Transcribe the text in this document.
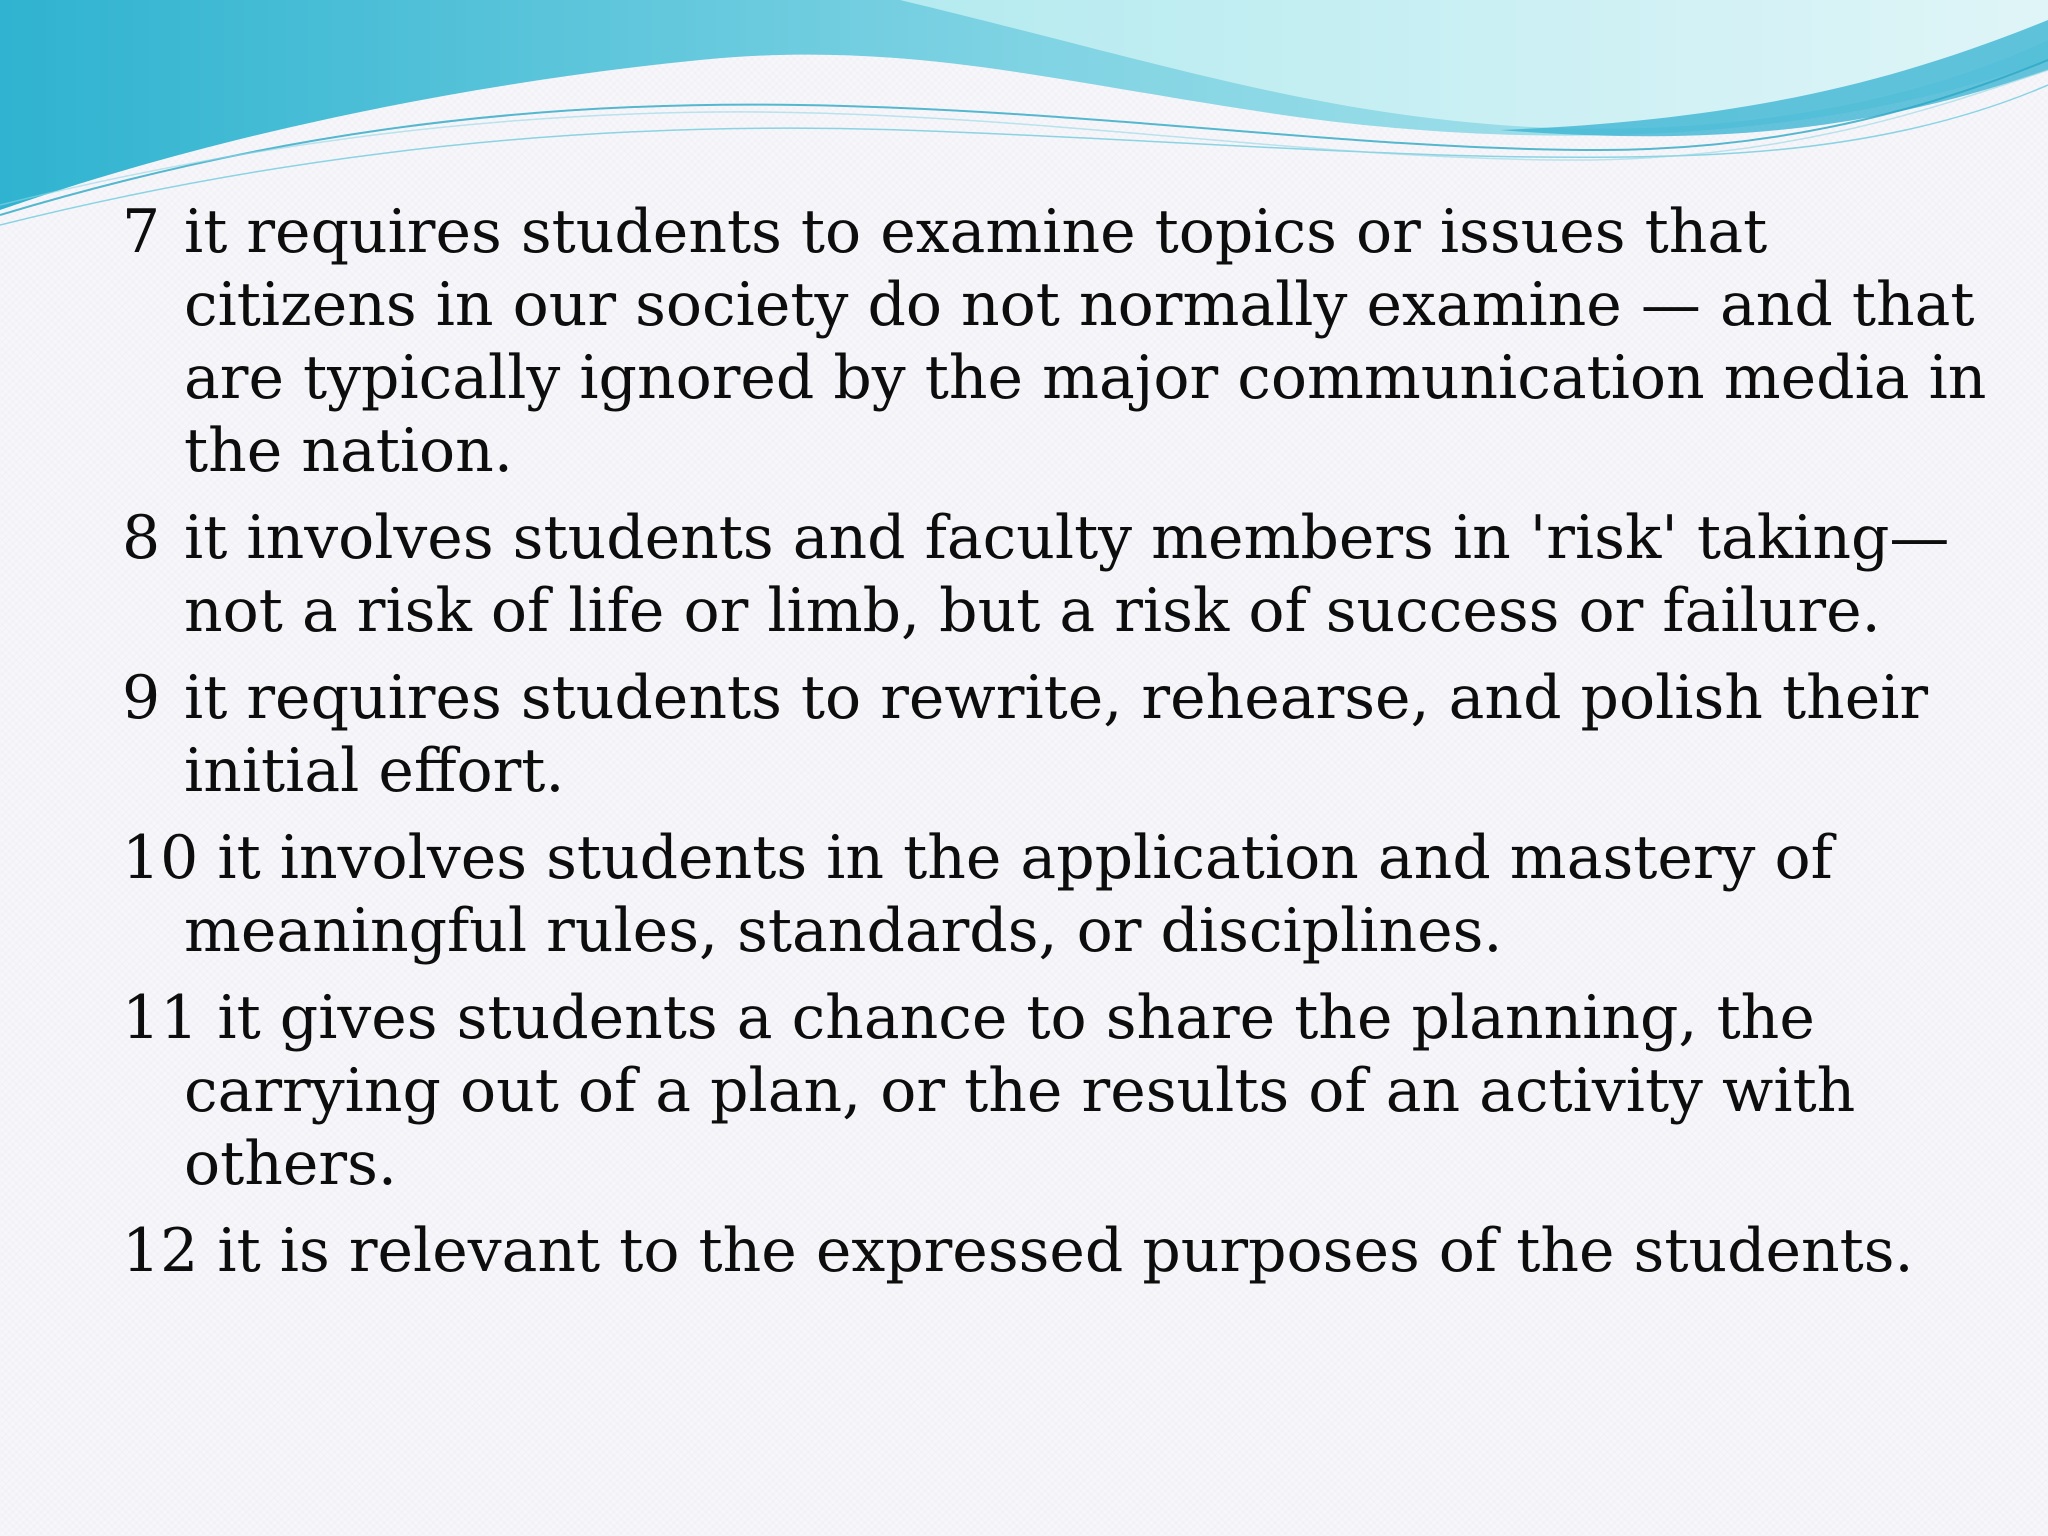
7 it requires students to examine topics or issues that citizens in our society do not normally examine — and that are typically ignored by the major communication media in the nation.
8 it involves students and faculty members in 'risk' taking— not a risk of life or limb, but a risk of success or failure.
9 it requires students to rewrite, rehearse, and polish their initial effort.
10 it involves students in the application and mastery of meaningful rules, standards, or disciplines.
11 it gives students a chance to share the planning, the carrying out of a plan, or the results of an activity with others.
12 it is relevant to the expressed purposes of the students.
